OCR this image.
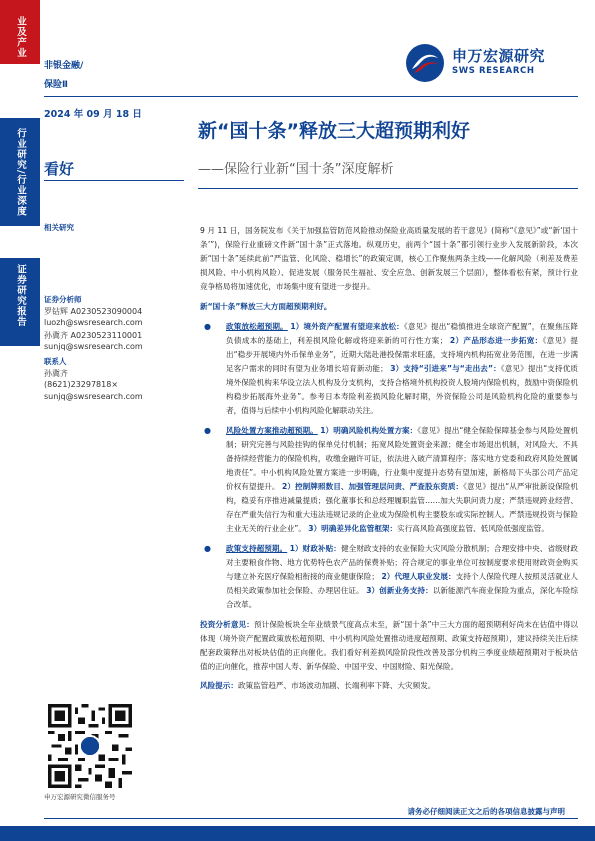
业及产业
行业研究/行业深度
证券研究报告
非银金融/
保险Ⅱ
2024 年 09 月 18 日
看好
相关研究
证券分析师
罗钻辉 A0230523090004
luozh@swsresearch.com
孙冀齐 A0230523110001
sunjq@swsresearch.com
联系人
孙冀齐
(8621)23297818×
sunjq@swsresearch.com
申万宏源研究
SWS RESEARCH
新“国十条”释放三大超预期利好
——保险行业新“国十条”深度解析

9 月 11 日，国务院发布《关于加强监管防范风险推动保险业高质量发展的若干意见》(简称“《意见》”或“新‘国十条’”)，保险行业重磅文件新“国十条”正式落地。纵观历史，前两个“国十条”都引领行业步入发展新阶段，本次新“国十条”延续此前“严监管、化风险、稳增长”的政策定调，核心工作聚焦两条主线——化解风险（利差及费差损风险、中小机构风险）、促进发展（服务民生福祉、安全应急、创新发展三个层面），整体看松有紧，预计行业竞争格局将加速优化，市场集中度有望进一步提升。

新“国十条”释放三大方面超预期利好。

● 政策放松超预期。 1）境外资产配置有望迎来放松：《意见》提出“稳慎推进全球资产配置”，在聚焦压降负债成本的基础上，利差损风险化解或将迎来新的可行性方案； 2）产品形态进一步拓宽：《意见》提出“稳步开展境内外币保单业务”，近期大陆赴港投保需求旺盛，支持境内机构拓宽业务范围，在进一步满足客户需求的同时有望为业务增长培育新动能； 3）支持“引进来”与“走出去”：《意见》提出“支持优质境外保险机构来华设立法人机构及分支机构，支持合格境外机构投资人股境内保险机构，鼓励中资保险机构稳步拓展海外业务”。参考日本寿险利差损风险化解时期，外资保险公司是风险机构化险的重要参与者，值得与后续中小机构风险化解联动关注。
● 风险处置方案推动超预期。 1）明确风险机构处置方案：《意见》提出“健全保险保障基金参与风险处置机制；研究完善与风险挂钩的保单兑付机制；拓宽风险处置资金来源；健全市场退出机制，对风险大、不具备持续经营能力的保险机构，收缴金融许可证，依法进入破产清算程序；落实地方党委和政府风险处置属地责任”。中小机构风险处置方案进一步明确，行业集中度提升态势有望加速，新格局下头部公司产品定价权有望提升。 2）控制牌照数目、加强管理层问责、严查股东资质：《意见》提出“从严审批新设保险机构，稳妥有序推进减量提质；强化董事长和总经理履职监管……加大失职问责力度；严禁违规跨业经营、存在严重失信行为和重大违法违规记录的企业成为保险机构主要股东或实际控制人。严禁违规投资与保险主业无关的行业企业”。 3）明确差异化监管框架：实行高风险高强度监管、低风险低强度监管。
● 政策支持超预期。 1）财政补贴：健全财政支持的农业保险大灾风险分散机制；合理安排中央、省级财政对主要粮食作物、地方优势特色农产品的保费补贴；符合规定的事业单位可按制度要求使用财政资金购买与建立补充医疗保险相衔接的商业健康保险； 2）代理人职业发展：支持个人保险代理人按照灵活就业人员相关政策参加社会保险、办理居住证。 3）创新业务支持：以新能源汽车商业保险为重点，深化车险综合改革。

投资分析意见：预计保险板块全年业绩景气度高点未至，新“国十条”中三大方面的超预期利好尚未在估值中得以体现（境外资产配置政策放松超预期、中小机构风险处置推动进度超预期、政策支持超预期），建议持续关注后续配套政策释出对板块估值的正向催化。我们看好利差损风险阶段性改善及部分机构三季度业绩超预期对于板块估值的正向催化，推荐中国人寿、新华保险、中国平安、中国财险、阳光保险。

风险提示：政策监管趋严、市场波动加剧、长端利率下降、大灾频发。

申万宏源研究微信服务号
请务必仔细阅读正文之后的各项信息披露与声明
